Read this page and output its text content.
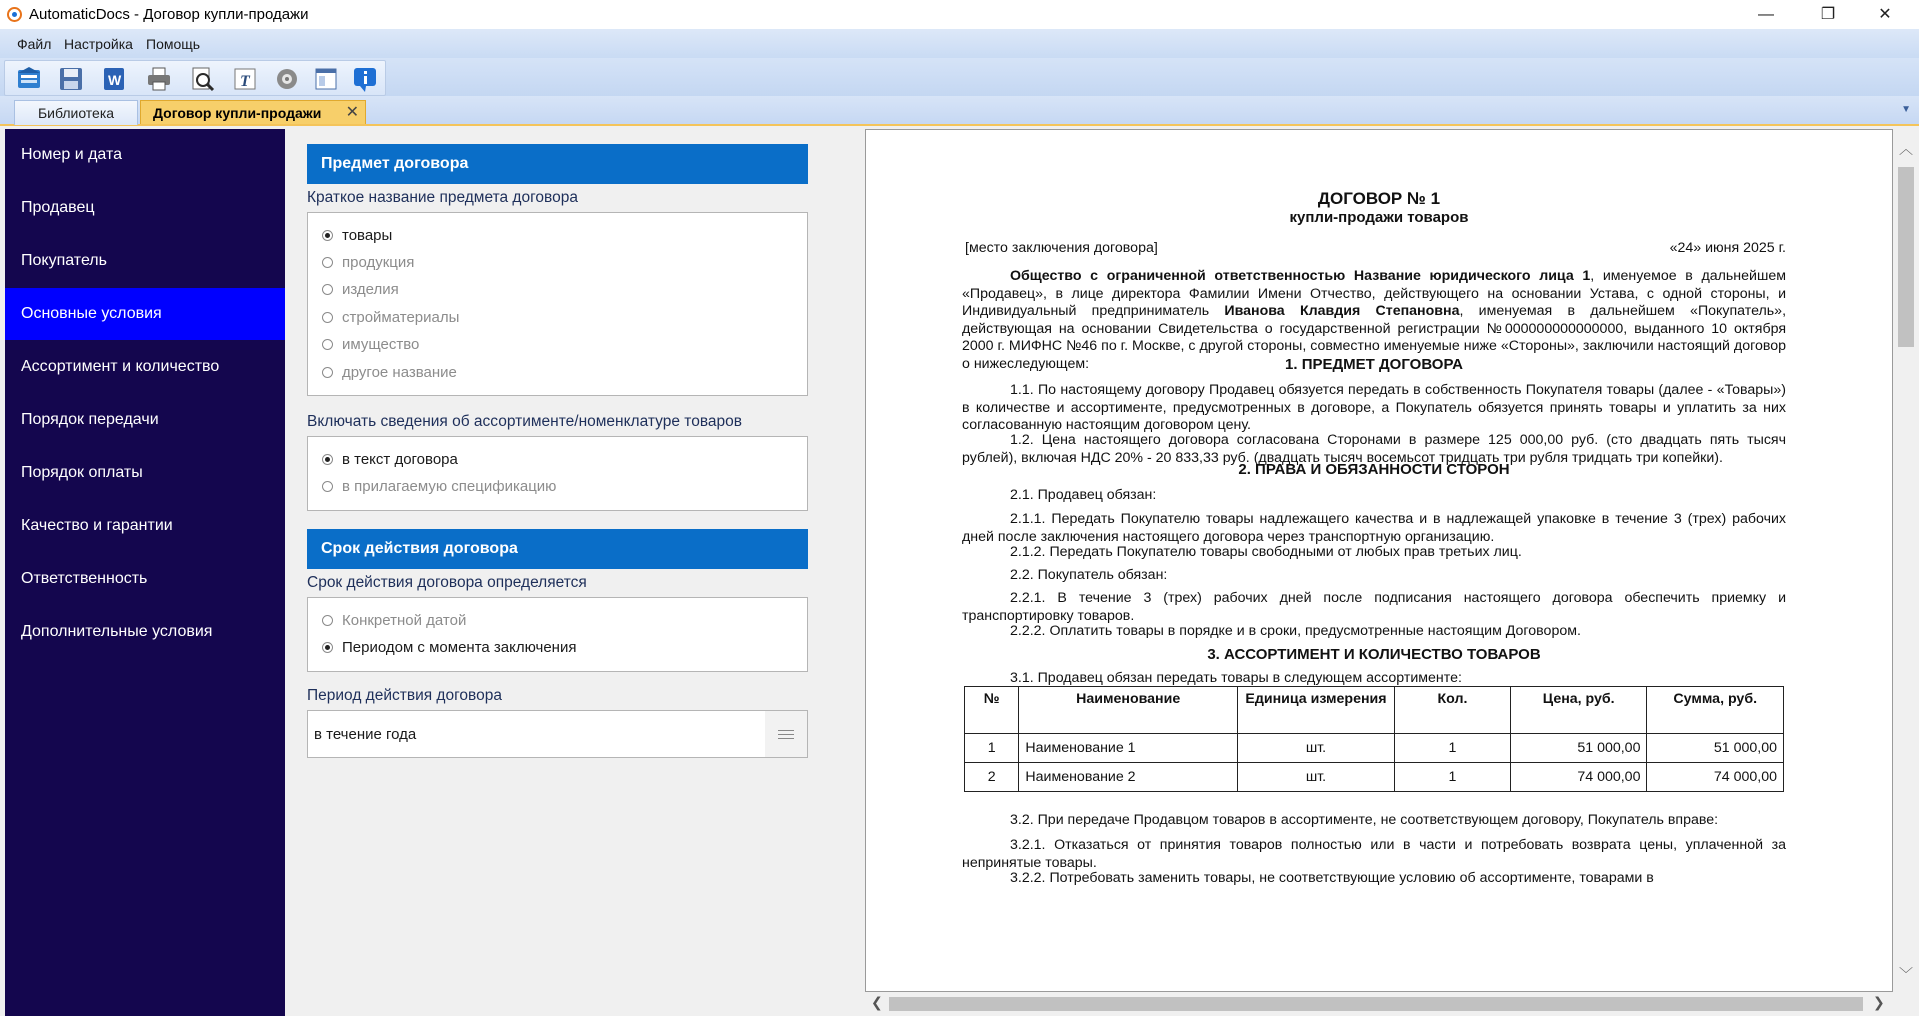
AutomaticDocs - Договор купли-продажи	—	❐	✕
Файл Настройка Помощь
W	T
Библиотека	Договор купли-продажи ✕	▼
Номер и дата
Продавец
Покупатель
Основные условия
Ассортимент и количество
Порядок передачи
Порядок оплаты
Качество и гарантии
Ответственность
Дополнительные условия
Предмет договора
Краткое название предмета договора
товары
продукция
изделия
стройматериалы
имущество
другое название
Включать сведения об ассортименте/номенклатуре товаров
в текст договора
в прилагаемую спецификацию
Срок действия договора
Срок действия договора определяется
Конкретной датой
Периодом с момента заключения
Период действия договора
в течение года
ДОГОВОР № 1
купли-продажи товаров
[место заключения договора]	«24» июня 2025 г.
Общество с ограниченной ответственностью Название юридического лица 1, именуемое в дальнейшем «Продавец», в лице директора Фамилии Имени Отчество, действующего на основании Устава, с одной стороны, и Индивидуальный предприниматель Иванова Клавдия Степановна, именуемая в дальнейшем «Покупатель», действующая на основании Свидетельства о государственной регистрации №000000000000000, выданного 10 октября 2000 г. МИФНС №46 по г. Москве, с другой стороны, совместно именуемые ниже «Стороны», заключили настоящий договор о нижеследующем:	1. ПРЕДМЕТ ДОГОВОРА
1.1. По настоящему договору Продавец обязуется передать в собственность Покупателя товары (далее - «Товары») в количестве и ассортименте, предусмотренных в договоре, а Покупатель обязуется принять товары и уплатить за них согласованную настоящим договором цену.
1.2. Цена настоящего договора согласована Сторонами в размере 125 000,00 руб. (сто двадцать пять тысяч рублей), включая НДС 20% - 20 833,33 руб. (двадцать тысяч восемьсот тридцать три рубля тридцать три копейки).
2. ПРАВА И ОБЯЗАННОСТИ СТОРОН
2.1. Продавец обязан:
2.1.1. Передать Покупателю товары надлежащего качества и в надлежащей упаковке в течение 3 (трех) рабочих дней после заключения настоящего договора через транспортную организацию.
2.1.2. Передать Покупателю товары свободными от любых прав третьих лиц.
2.2. Покупатель обязан:
2.2.1. В течение 3 (трех) рабочих дней после подписания настоящего договора обеспечить приемку и транспортировку товаров.
2.2.2. Оплатить товары в порядке и в сроки, предусмотренные настоящим Договором.
3. АССОРТИМЕНТ И КОЛИЧЕСТВО ТОВАРОВ
3.1. Продавец обязан передать товары в следующем ассортименте:
№	Наименование	Единица измерения	Кол.	Цена, руб.	Сумма, руб.
1	Наименование 1	шт.	1	51 000,00	51 000,00
2	Наименование 2	шт.	1	74 000,00	74 000,00
3.2. При передаче Продавцом товаров в ассортименте, не соответствующем договору, Покупатель вправе:
3.2.1. Отказаться от принятия товаров полностью или в части и потребовать возврата цены, уплаченной за непринятые товары.
3.2.2. Потребовать заменить товары, не соответствующие условию об ассортименте, товарами в
︿
﹀
❮	❯
